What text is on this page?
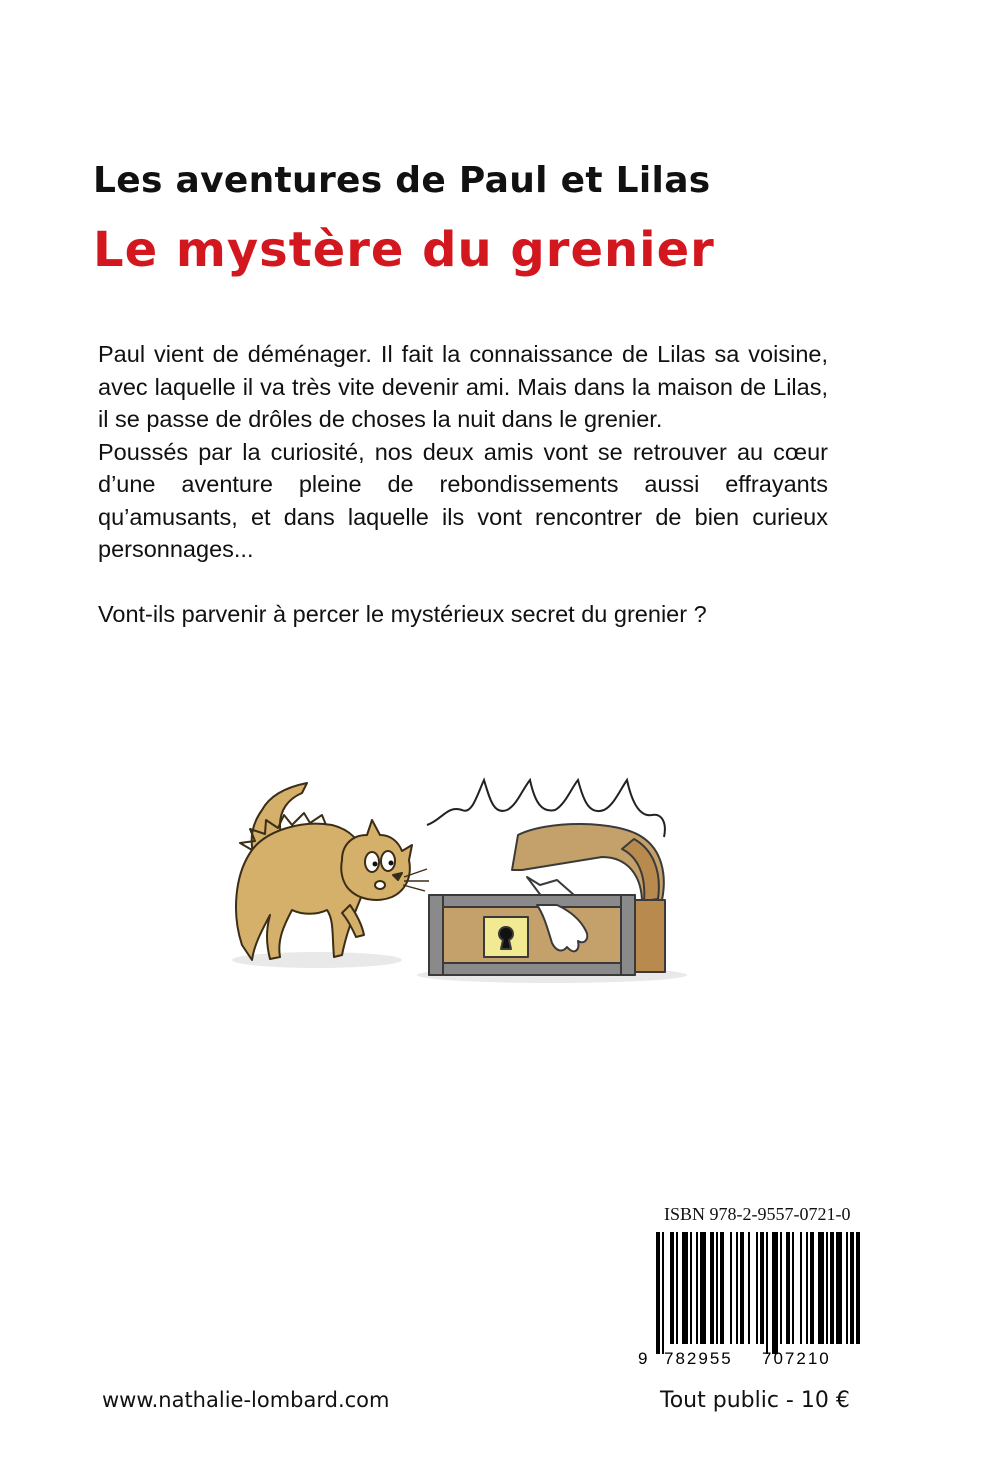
Les aventures de Paul et Lilas
Le mystère du grenier

Paul vient de déménager. Il fait la connaissance de Lilas sa voisine, avec laquelle il va très vite devenir ami. Mais dans la maison de Lilas, il se passe de drôles de choses la nuit dans le grenier.

Poussés par la curiosité, nos deux amis vont se retrouver au cœur d’une aventure pleine de rebondissements aussi effrayants qu’amusants, et dans laquelle ils vont rencontrer de bien curieux personnages...

Vont-ils parvenir à percer le mystérieux secret du grenier ?

ISBN 978-2-9557-0721-0
9 782955 707210
www.nathalie-lombard.com	Tout public - 10 €
